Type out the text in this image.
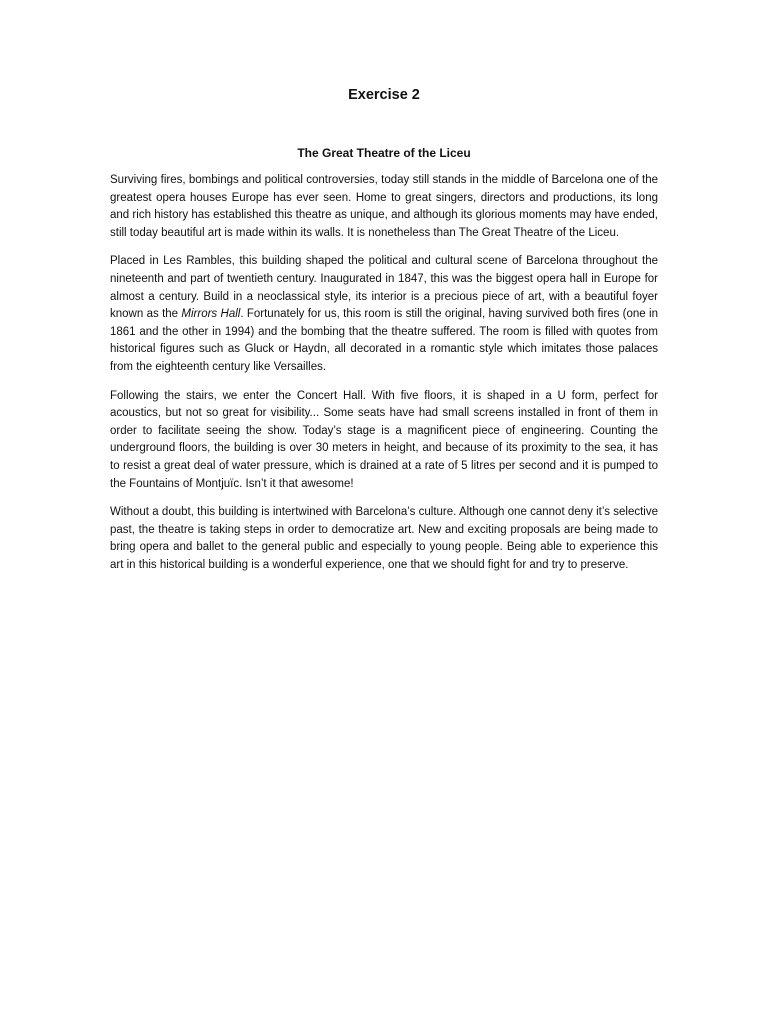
Exercise 2
The Great Theatre of the Liceu

Surviving fires, bombings and political controversies, today still stands in the middle of Barcelona one of the greatest opera houses Europe has ever seen. Home to great singers, directors and productions, its long and rich history has established this theatre as unique, and although its glorious moments may have ended, still today beautiful art is made within its walls. It is nonetheless than The Great Theatre of the Liceu.

Placed in Les Rambles, this building shaped the political and cultural scene of Barcelona throughout the nineteenth and part of twentieth century. Inaugurated in 1847, this was the biggest opera hall in Europe for almost a century. Build in a neoclassical style, its interior is a precious piece of art, with a beautiful foyer known as the Mirrors Hall. Fortunately for us, this room is still the original, having survived both fires (one in 1861 and the other in 1994) and the bombing that the theatre suffered. The room is filled with quotes from historical figures such as Gluck or Haydn, all decorated in a romantic style which imitates those palaces from the eighteenth century like Versailles.

Following the stairs, we enter the Concert Hall. With five floors, it is shaped in a U form, perfect for acoustics, but not so great for visibility... Some seats have had small screens installed in front of them in order to facilitate seeing the show. Today’s stage is a magnificent piece of engineering. Counting the underground floors, the building is over 30 meters in height, and because of its proximity to the sea, it has to resist a great deal of water pressure, which is drained at a rate of 5 litres per second and it is pumped to the Fountains of Montjuïc. Isn’t it that awesome!

Without a doubt, this building is intertwined with Barcelona’s culture. Although one cannot deny it’s selective past, the theatre is taking steps in order to democratize art. New and exciting proposals are being made to bring opera and ballet to the general public and especially to young people. Being able to experience this art in this historical building is a wonderful experience, one that we should fight for and try to preserve.
